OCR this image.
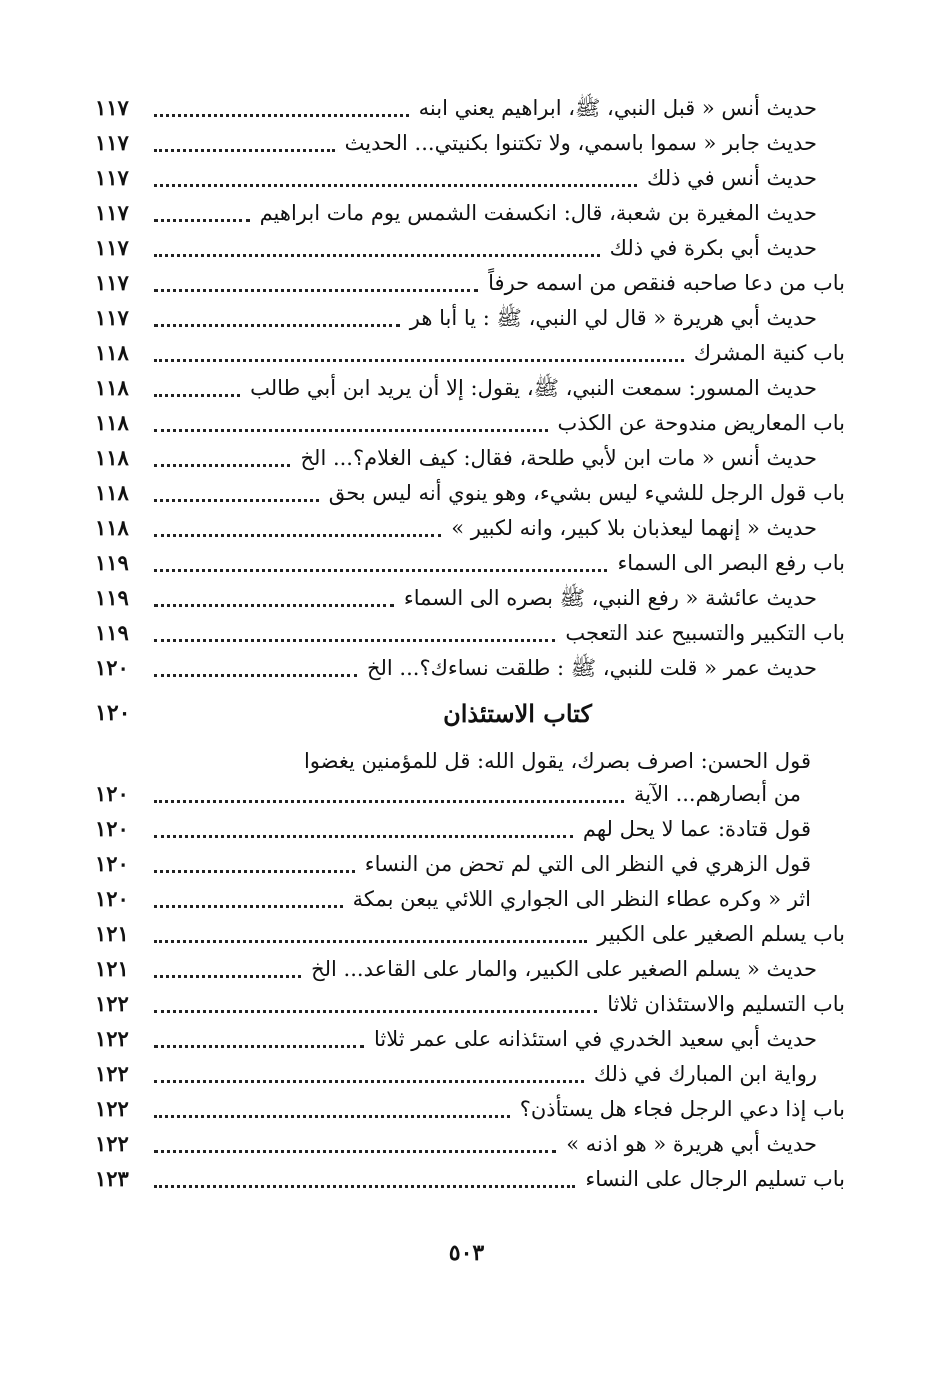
حديث أنس « قبل النبي، ﷺ، ابراهيم يعني ابنه
١١٧
حديث جابر « سموا باسمي، ولا تكتنوا بكنيتي... الحديث
١١٧
حديث أنس في ذلك
١١٧
حديث المغيرة بن شعبة، قال: انكسفت الشمس يوم مات ابراهيم
١١٧
حديث أبي بكرة في ذلك
١١٧
باب من دعا صاحبه فنقص من اسمه حرفاً
١١٧
حديث أبي هريرة « قال لي النبي، ﷺ : يا أبا هر
١١٧
باب كنية المشرك
١١٨
حديث المسور: سمعت النبي، ﷺ، يقول: إلا أن يريد ابن أبي طالب
١١٨
باب المعاريض مندوحة عن الكذب
١١٨
حديث أنس « مات ابن لأبي طلحة، فقال: كيف الغلام؟... الخ
١١٨
باب قول الرجل للشيء ليس بشيء، وهو ينوي أنه ليس بحق
١١٨
حديث « إنهما ليعذبان بلا كبير، وانه لكبير »
١١٨
باب رفع البصر الى السماء
١١٩
حديث عائشة « رفع النبي، ﷺ بصره الى السماء
١١٩
باب التكبير والتسبيح عند التعجب
١١٩
حديث عمر « قلت للنبي، ﷺ : طلقت نساءك؟... الخ
١٢٠
كتاب الاستئذان
١٢٠
قول الحسن: اصرف بصرك، يقول الله: قل للمؤمنين يغضوا
من أبصارهم... الآية
١٢٠
قول قتادة: عما لا يحل لهم
١٢٠
قول الزهري في النظر الى التي لم تحض من النساء
١٢٠
اثر « وكره عطاء النظر الى الجواري اللائي يبعن بمكة
١٢٠
باب يسلم الصغير على الكبير
١٢١
حديث « يسلم الصغير على الكبير، والمار على القاعد... الخ
١٢١
باب التسليم والاستئذان ثلاثا
١٢٢
حديث أبي سعيد الخدري في استئذانه على عمر ثلاثا
١٢٢
رواية ابن المبارك في ذلك
١٢٢
باب إذا دعي الرجل فجاء هل يستأذن؟
١٢٢
حديث أبي هريرة « هو اذنه »
١٢٢
باب تسليم الرجال على النساء
١٢٣
٥٠٣
